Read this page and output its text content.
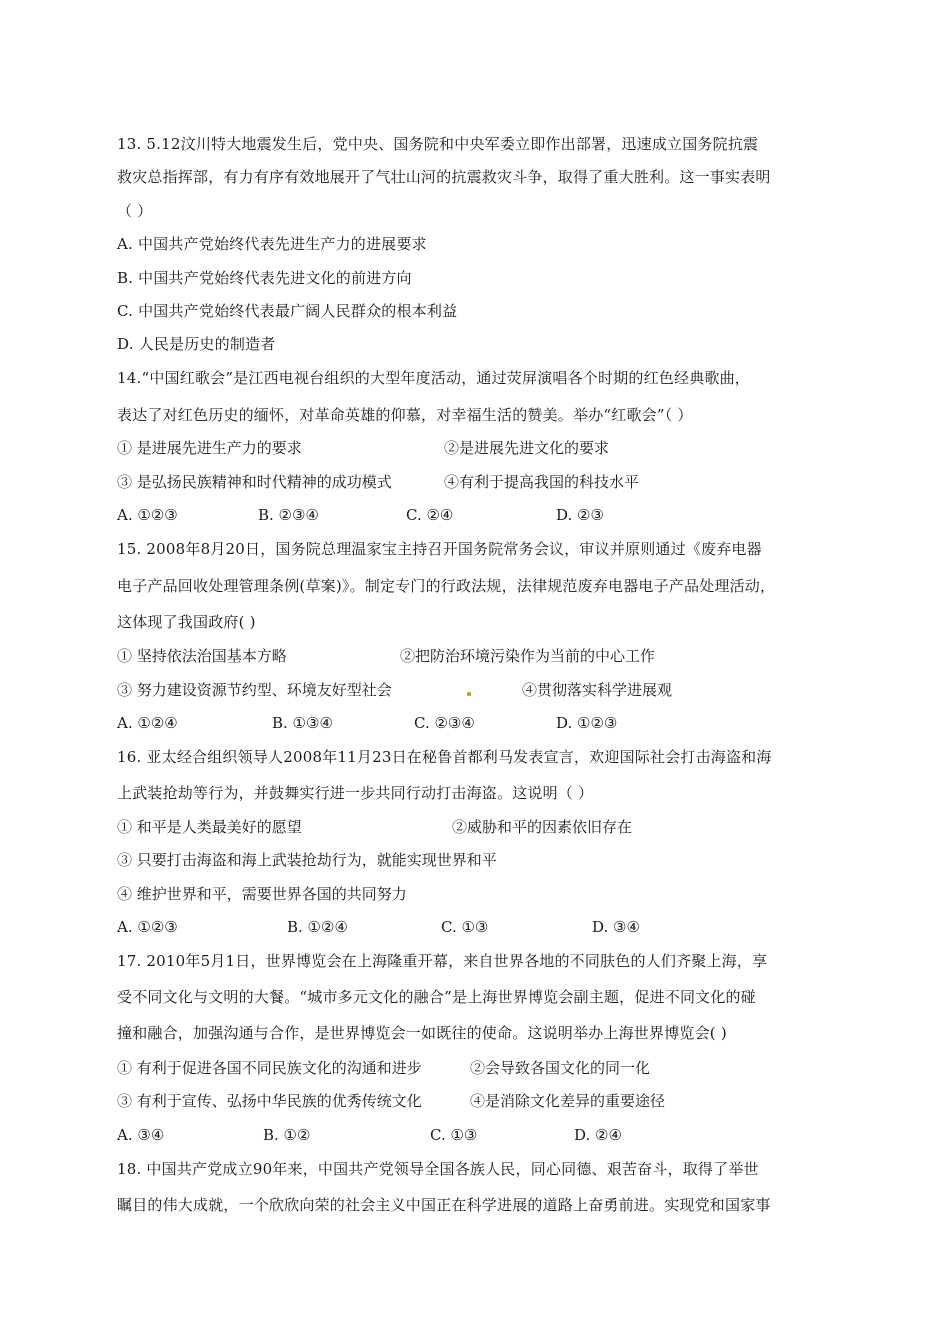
13. 5.12汶川特大地震发生后，党中央、国务院和中央军委立即作出部署，迅速成立国务院抗震
救灾总指挥部，有力有序有效地展开了气壮山河的抗震救灾斗争，取得了重大胜利。这一事实表明
（ ）
A. 中国共产党始终代表先进生产力的进展要求
B. 中国共产党始终代表先进文化的前进方向
C. 中国共产党始终代表最广阔人民群众的根本利益
D. 人民是历史的制造者
14.“中国红歌会”是江西电视台组织的大型年度活动，通过荧屏演唱各个时期的红色经典歌曲，
表达了对红色历史的缅怀，对革命英雄的仰慕，对幸福生活的赞美。举办“红歌会”（ ）
① 是进展先进生产力的要求	②是进展先进文化的要求
③ 是弘扬民族精神和时代精神的成功模式	④有利于提高我国的科技水平
A. ①②③	B. ②③④	C. ②④	D. ②③
15. 2008年8月20日，国务院总理温家宝主持召开国务院常务会议，审议并原则通过《废弃电器
电子产品回收处理管理条例(草案)》。制定专门的行政法规，法律规范废弃电器电子产品处理活动，
这体现了我国政府( )
① 坚持依法治国基本方略	②把防治环境污染作为当前的中心工作
③ 努力建设资源节约型、环境友好型社会	④贯彻落实科学进展观
A. ①②④	B. ①③④	C. ②③④	D. ①②③
16. 亚太经合组织领导人2008年11月23日在秘鲁首都利马发表宣言，欢迎国际社会打击海盗和海
上武装抢劫等行为，并鼓舞实行进一步共同行动打击海盗。这说明（ ）
① 和平是人类最美好的愿望	②威胁和平的因素依旧存在
③ 只要打击海盗和海上武装抢劫行为，就能实现世界和平
④ 维护世界和平，需要世界各国的共同努力
A. ①②③	B. ①②④	C. ①③	D. ③④
17. 2010年5月1日，世界博览会在上海隆重开幕，来自世界各地的不同肤色的人们齐聚上海，享
受不同文化与文明的大餐。“城市多元文化的融合”是上海世界博览会副主题，促进不同文化的碰
撞和融合，加强沟通与合作，是世界博览会一如既往的使命。这说明举办上海世界博览会( )
① 有利于促进各国不同民族文化的沟通和进步	②会导致各国文化的同一化
③ 有利于宣传、弘扬中华民族的优秀传统文化	④是消除文化差异的重要途径
A. ③④	B. ①②	C. ①③	D. ②④
18. 中国共产党成立90年来，中国共产党领导全国各族人民，同心同德、艰苦奋斗，取得了举世
瞩目的伟大成就，一个欣欣向荣的社会主义中国正在科学进展的道路上奋勇前进。实现党和国家事
